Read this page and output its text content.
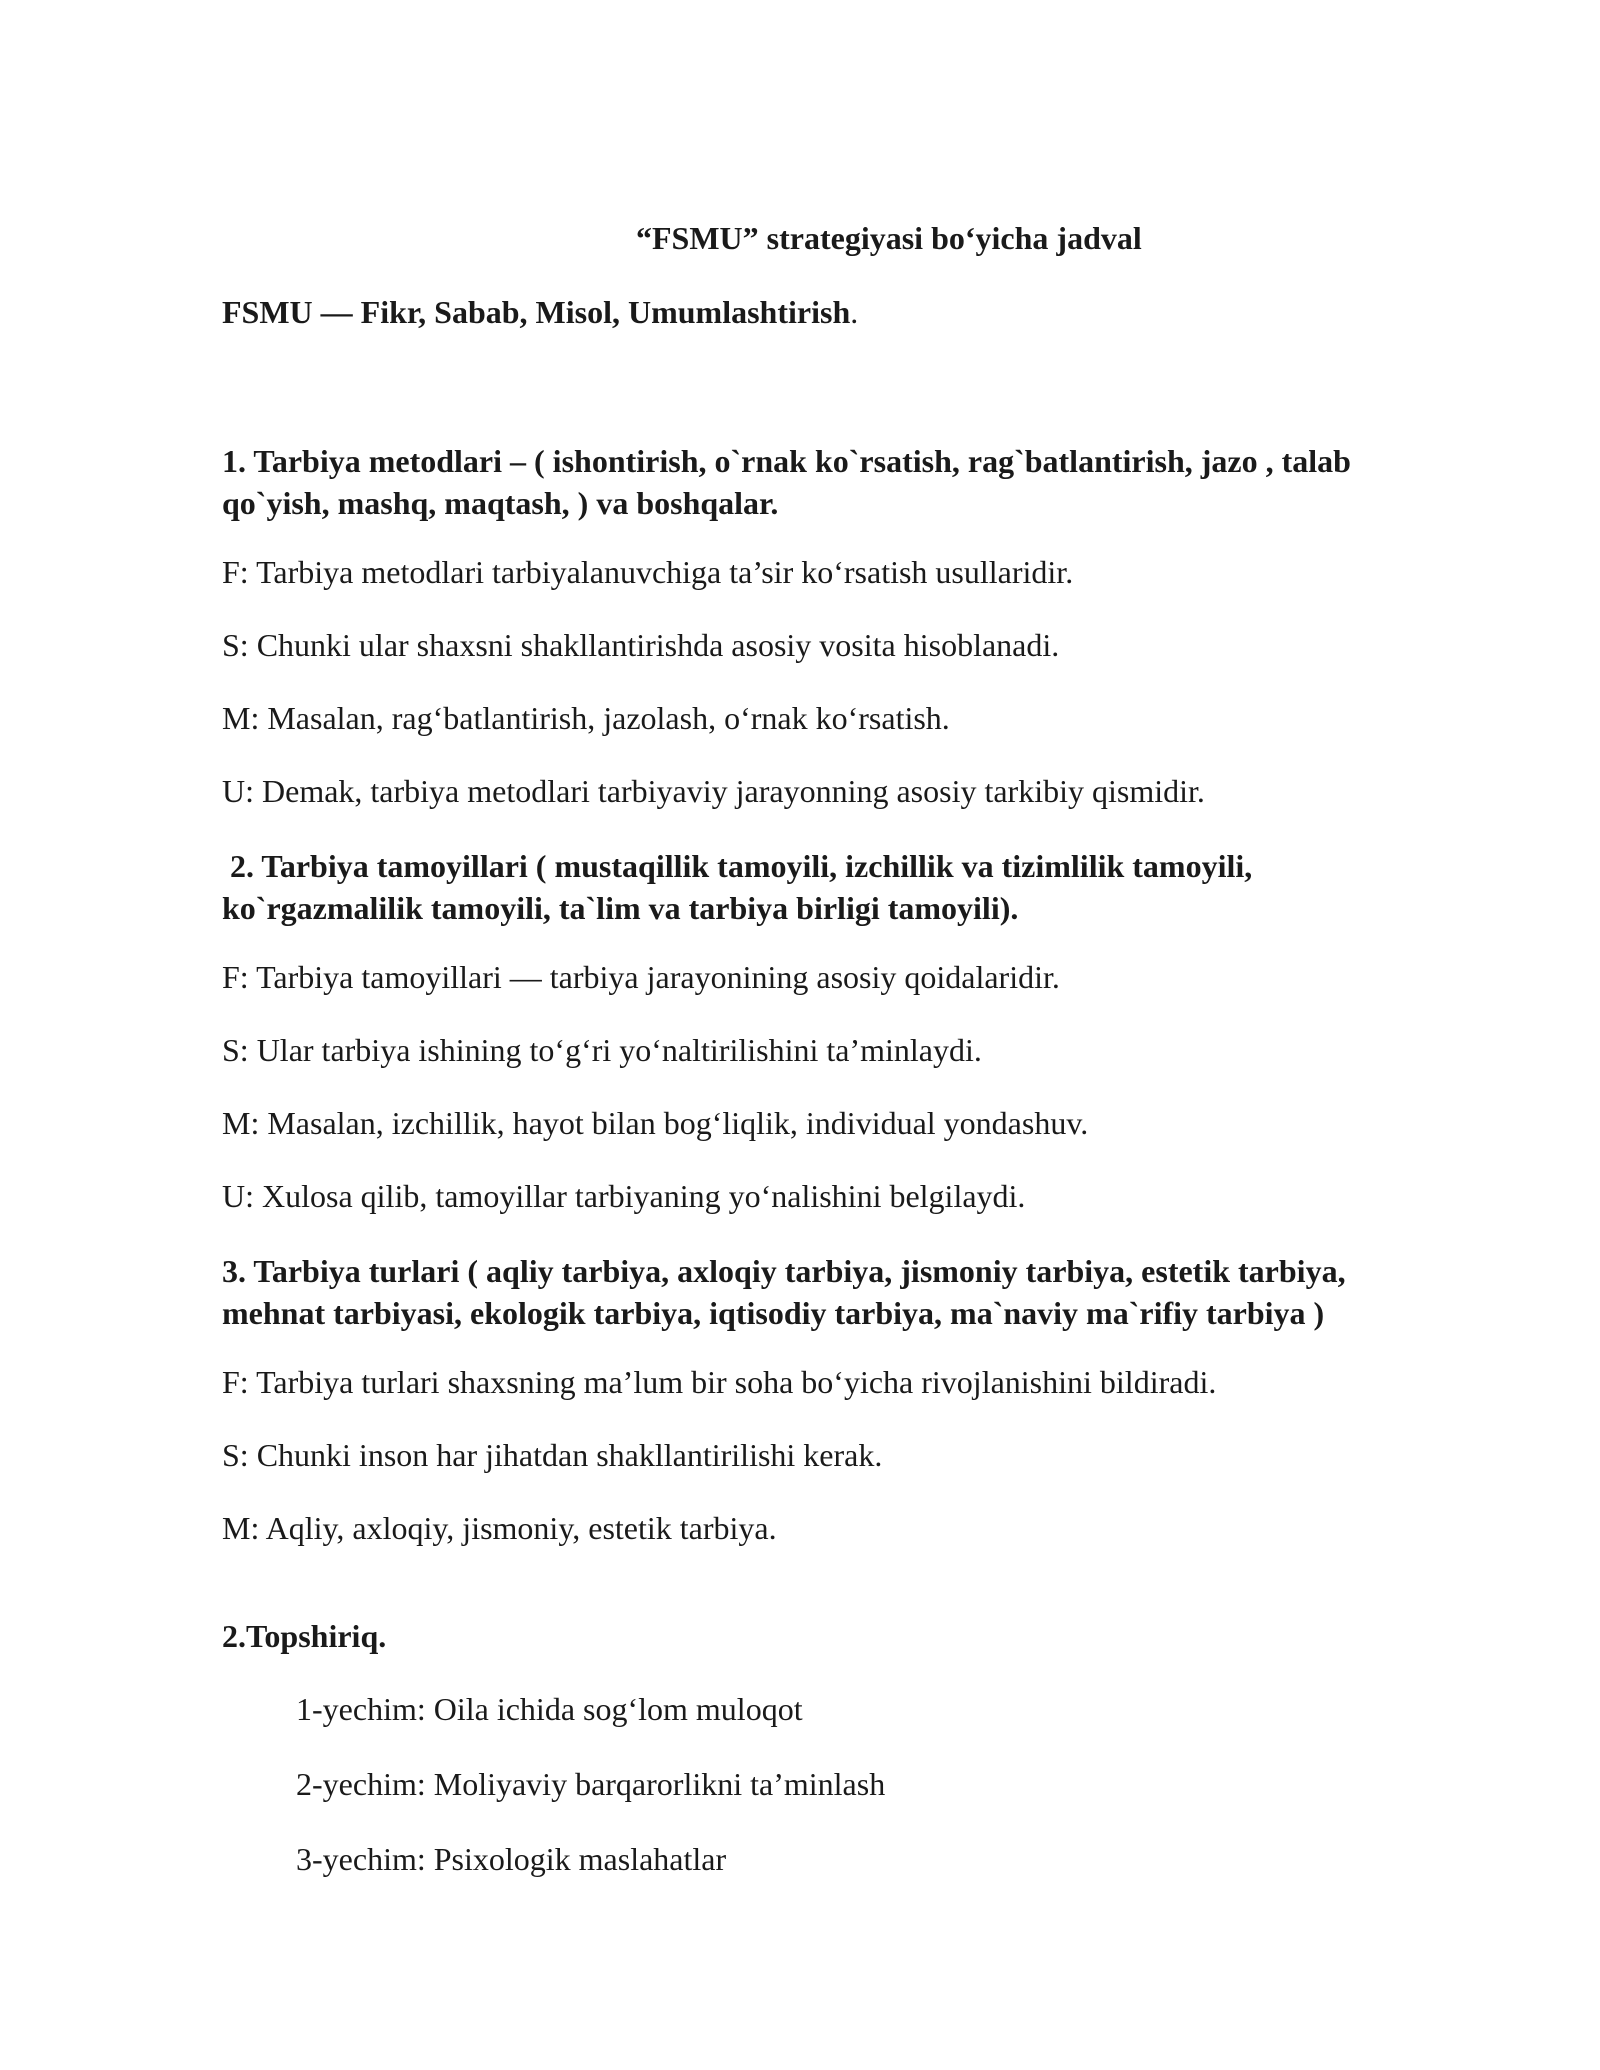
“FSMU” strategiyasi bo‘yicha jadval
FSMU — Fikr, Sabab, Misol, Umumlashtirish.
1. Tarbiya metodlari – ( ishontirish, o`rnak ko`rsatish, rag`batlantirish, jazo , talab qo`yish, mashq, maqtash, ) va boshqalar.
F: Tarbiya metodlari tarbiyalanuvchiga ta’sir ko‘rsatish usullaridir.
S: Chunki ular shaxsni shakllantirishda asosiy vosita hisoblanadi.
M: Masalan, rag‘batlantirish, jazolash, o‘rnak ko‘rsatish.
U: Demak, tarbiya metodlari tarbiyaviy jarayonning asosiy tarkibiy qismidir.
2. Tarbiya tamoyillari ( mustaqillik tamoyili, izchillik va tizimlilik tamoyili, ko`rgazmalilik tamoyili, ta`lim va tarbiya birligi tamoyili).
F: Tarbiya tamoyillari — tarbiya jarayonining asosiy qoidalaridir.
S: Ular tarbiya ishining to‘g‘ri yo‘naltirilishini ta’minlaydi.
M: Masalan, izchillik, hayot bilan bog‘liqlik, individual yondashuv.
U: Xulosa qilib, tamoyillar tarbiyaning yo‘nalishini belgilaydi.
3. Tarbiya turlari ( aqliy tarbiya, axloqiy tarbiya, jismoniy tarbiya, estetik tarbiya, mehnat tarbiyasi, ekologik tarbiya, iqtisodiy tarbiya, ma`naviy ma`rifiy tarbiya )
F: Tarbiya turlari shaxsning ma’lum bir soha bo‘yicha rivojlanishini bildiradi.
S: Chunki inson har jihatdan shakllantirilishi kerak.
M: Aqliy, axloqiy, jismoniy, estetik tarbiya.
2.Topshiriq.
1-yechim: Oila ichida sog‘lom muloqot
2-yechim: Moliyaviy barqarorlikni ta’minlash
3-yechim: Psixologik maslahatlar
